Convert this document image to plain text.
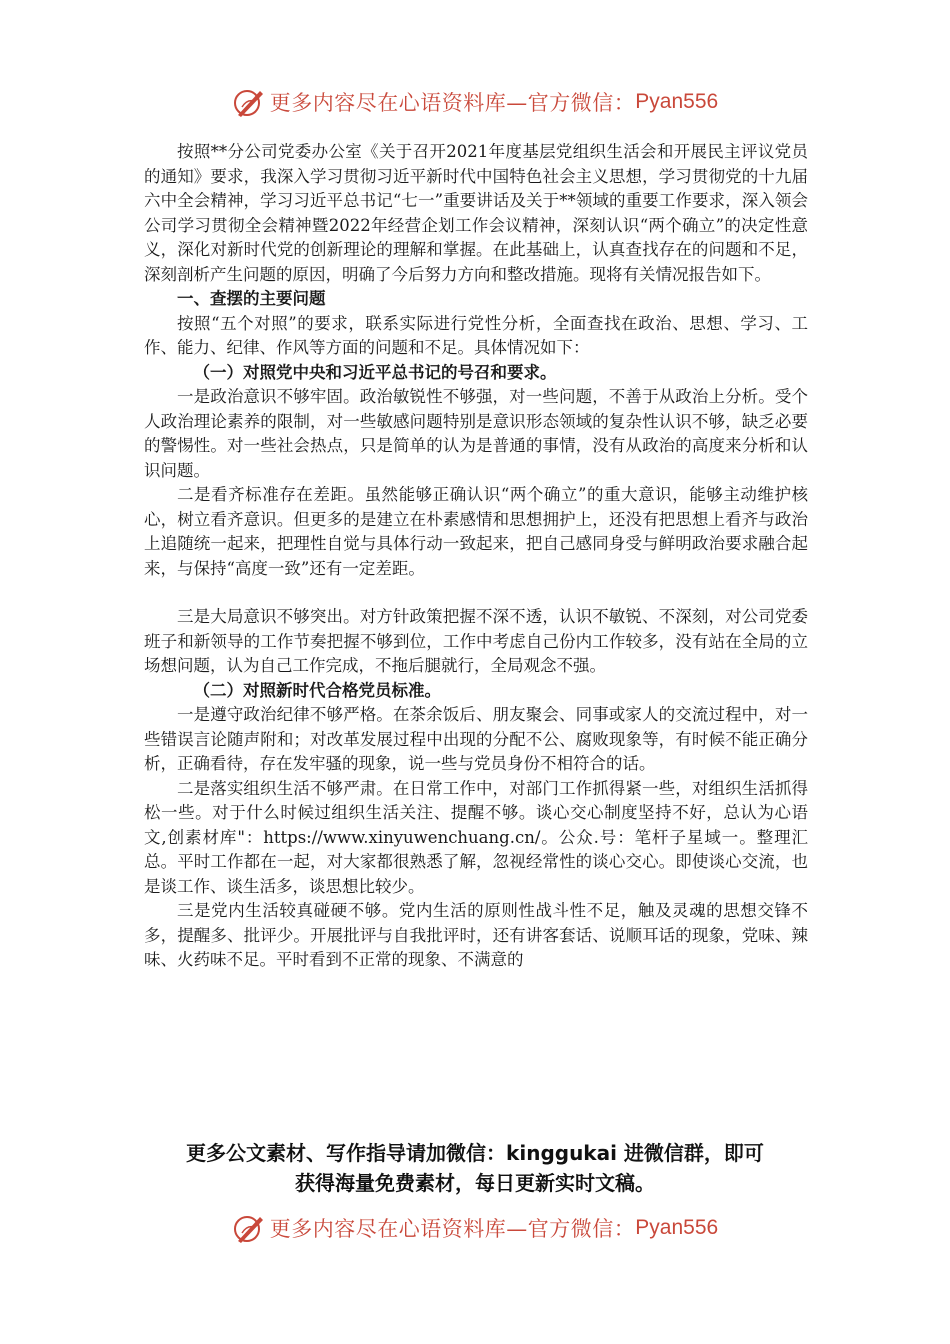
更多内容尽在心语资料库—官方微信： Pyan556

按照**分公司党委办公室《关于召开2021年度基层党组织生活会和开展民主评议党员的通知》要求，我深入学习贯彻习近平新时代中国特色社会主义思想，学习贯彻党的十九届六中全会精神，学习习近平总书记“七一”重要讲话及关于**领域的重要工作要求，深入领会公司学习贯彻全会精神暨2022年经营企划工作会议精神，深刻认识“两个确立”的决定性意义，深化对新时代党的创新理论的理解和掌握。在此基础上，认真查找存在的问题和不足，深刻剖析产生问题的原因，明确了今后努力方向和整改措施。现将有关情况报告如下。

一、查摆的主要问题

按照“五个对照”的要求，联系实际进行党性分析，全面查找在政治、思想、学习、工作、能力、纪律、作风等方面的问题和不足。具体情况如下：

（一）对照党中央和习近平总书记的号召和要求。

一是政治意识不够牢固。政治敏锐性不够强，对一些问题，不善于从政治上分析。受个人政治理论素养的限制，对一些敏感问题特别是意识形态领域的复杂性认识不够，缺乏必要的警惕性。对一些社会热点，只是简单的认为是普通的事情，没有从政治的高度来分析和认识问题。

二是看齐标准存在差距。虽然能够正确认识“两个确立”的重大意识，能够主动维护核心，树立看齐意识。但更多的是建立在朴素感情和思想拥护上，还没有把思想上看齐与政治上追随统一起来，把理性自觉与具体行动一致起来，把自己感同身受与鲜明政治要求融合起来，与保持“高度一致”还有一定差距。

三是大局意识不够突出。对方针政策把握不深不透，认识不敏锐、不深刻，对公司党委班子和新领导的工作节奏把握不够到位，工作中考虑自己份内工作较多，没有站在全局的立场想问题，认为自己工作完成，不拖后腿就行，全局观念不强。

（二）对照新时代合格党员标准。

一是遵守政治纪律不够严格。在茶余饭后、朋友聚会、同事或家人的交流过程中，对一些错误言论随声附和；对改革发展过程中出现的分配不公、腐败现象等，有时候不能正确分析，正确看待，存在发牢骚的现象，说一些与党员身份不相符合的话。

二是落实组织生活不够严肃。在日常工作中，对部门工作抓得紧一些，对组织生活抓得松一些。对于什么时候过组织生活关注、提醒不够。谈心交心制度坚持不好，总认为心语文,创素材库"：https://www.xinyuwenchuang.cn/。公众.号：笔杆子星域一。整理汇总。平时工作都在一起，对大家都很熟悉了解，忽视经常性的谈心交心。即使谈心交流，也是谈工作、谈生活多，谈思想比较少。

三是党内生活较真碰硬不够。党内生活的原则性战斗性不足，触及灵魂的思想交锋不多，提醒多、批评少。开展批评与自我批评时，还有讲客套话、说顺耳话的现象，党味、辣味、火药味不足。平时看到不正常的现象、不满意的

更多公文素材、写作指导请加微信：kinggukai 进微信群，即可
获得海量免费素材，每日更新实时文稿。
更多内容尽在心语资料库—官方微信： Pyan556
